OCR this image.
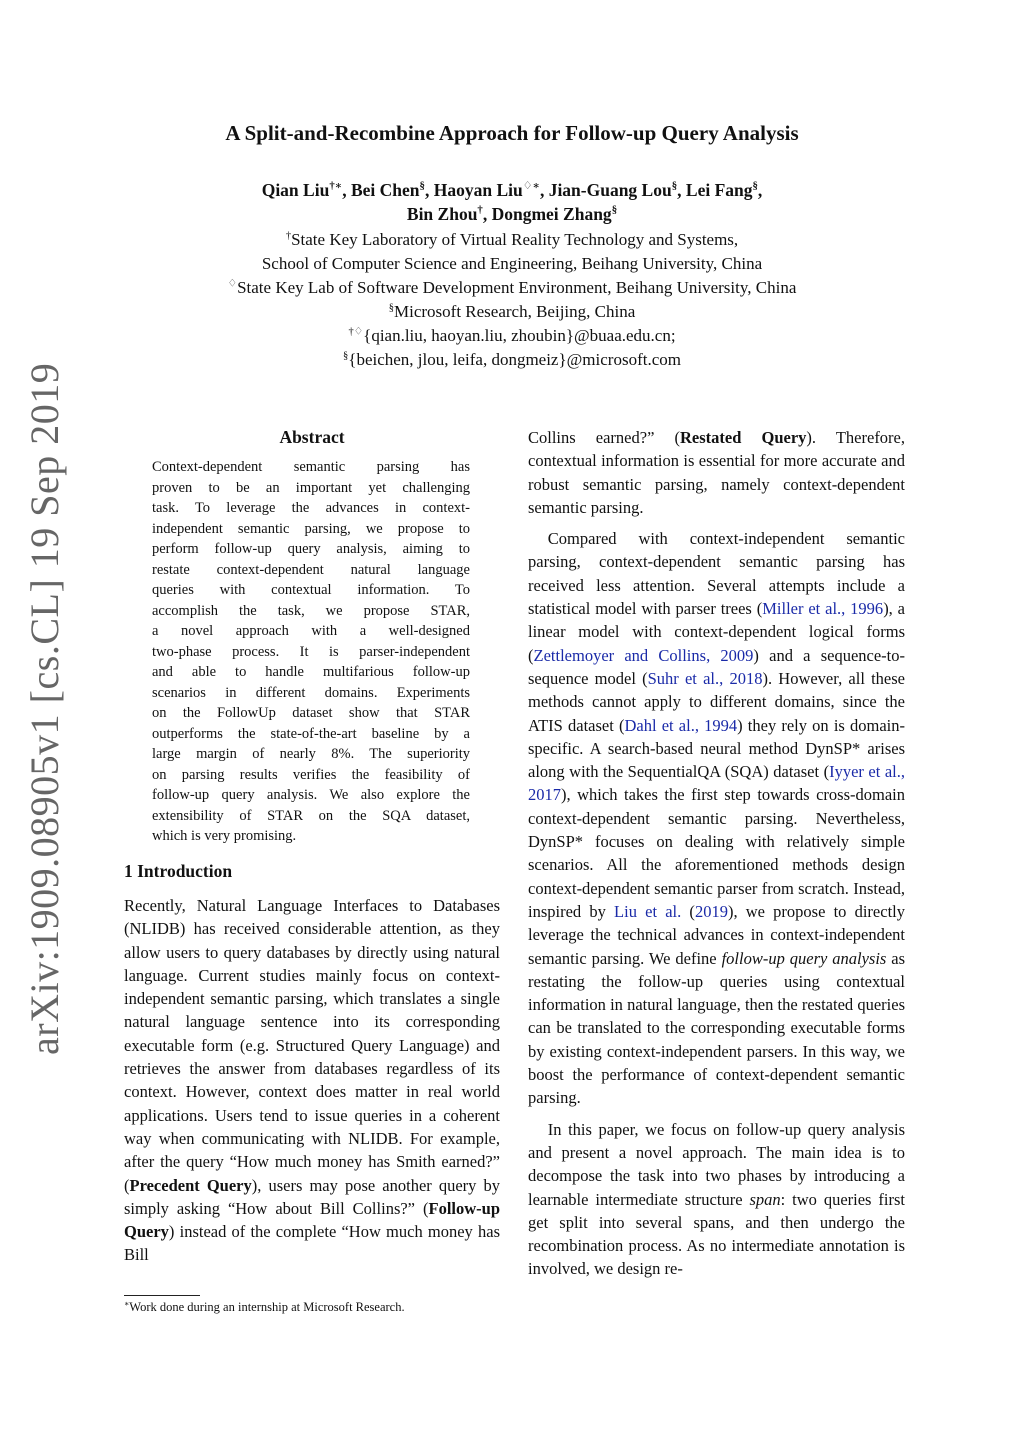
arXiv:1909.08905v1 [cs.CL] 19 Sep 2019
A Split-and-Recombine Approach for Follow-up Query Analysis
Qian Liu†∗, Bei Chen§, Haoyan Liu♢∗, Jian-Guang Lou§, Lei Fang§,
Bin Zhou†, Dongmei Zhang§
†State Key Laboratory of Virtual Reality Technology and Systems,
School of Computer Science and Engineering, Beihang University, China
♢State Key Lab of Software Development Environment, Beihang University, China
§Microsoft Research, Beijing, China
†♢{qian.liu, haoyan.liu, zhoubin}@buaa.edu.cn;
§{beichen, jlou, leifa, dongmeiz}@microsoft.com
Abstract

Context-dependent semantic parsing has

proven to be an important yet challenging

task. To leverage the advances in context-

independent semantic parsing, we propose to

perform follow-up query analysis, aiming to

restate context-dependent natural language

queries with contextual information. To

accomplish the task, we propose STAR,

a novel approach with a well-designed

two-phase process. It is parser-independent

and able to handle multifarious follow-up

scenarios in different domains. Experiments

on the FollowUp dataset show that STAR

outperforms the state-of-the-art baseline by a

large margin of nearly 8%. The superiority

on parsing results verifies the feasibility of

follow-up query analysis. We also explore the

extensibility of STAR on the SQA dataset,

which is very promising.

1 Introduction

Recently, Natural Language Interfaces to Databases (NLIDB) has received considerable attention, as they allow users to query databases by directly using natural language. Current studies mainly focus on context-independent semantic parsing, which translates a single natural language sentence into its corresponding executable form (e.g. Structured Query Language) and retrieves the answer from databases regardless of its context. However, context does matter in real world applications. Users tend to issue queries in a coherent way when communicating with NLIDB. For example, after the query “How much money has Smith earned?” (Precedent Query), users may pose another query by simply asking “How about Bill Collins?” (Follow-up Query) instead of the complete “How much money has Bill

∗Work done during an internship at Microsoft Research.

Collins earned?” (Restated Query). Therefore, contextual information is essential for more accurate and robust semantic parsing, namely context-dependent semantic parsing.

Compared with context-independent semantic parsing, context-dependent semantic parsing has received less attention. Several attempts include a statistical model with parser trees (Miller et al., 1996), a linear model with context-dependent logical forms (Zettlemoyer and Collins, 2009) and a sequence-to-sequence model (Suhr et al., 2018). However, all these methods cannot apply to different domains, since the ATIS dataset (Dahl et al., 1994) they rely on is domain-specific. A search-based neural method DynSP* arises along with the SequentialQA (SQA) dataset (Iyyer et al., 2017), which takes the first step towards cross-domain context-dependent semantic parsing. Nevertheless, DynSP* focuses on dealing with relatively simple scenarios. All the aforementioned methods design context-dependent semantic parser from scratch. Instead, inspired by Liu et al. (2019), we propose to directly leverage the technical advances in context-independent semantic parsing. We define follow-up query analysis as restating the follow-up queries using contextual information in natural language, then the restated queries can be translated to the corresponding executable forms by existing context-independent parsers. In this way, we boost the performance of context-dependent semantic parsing.

In this paper, we focus on follow-up query analysis and present a novel approach. The main idea is to decompose the task into two phases by introducing a learnable intermediate structure span: two queries first get split into several spans, and then undergo the recombination process. As no intermediate annotation is involved, we design re-
